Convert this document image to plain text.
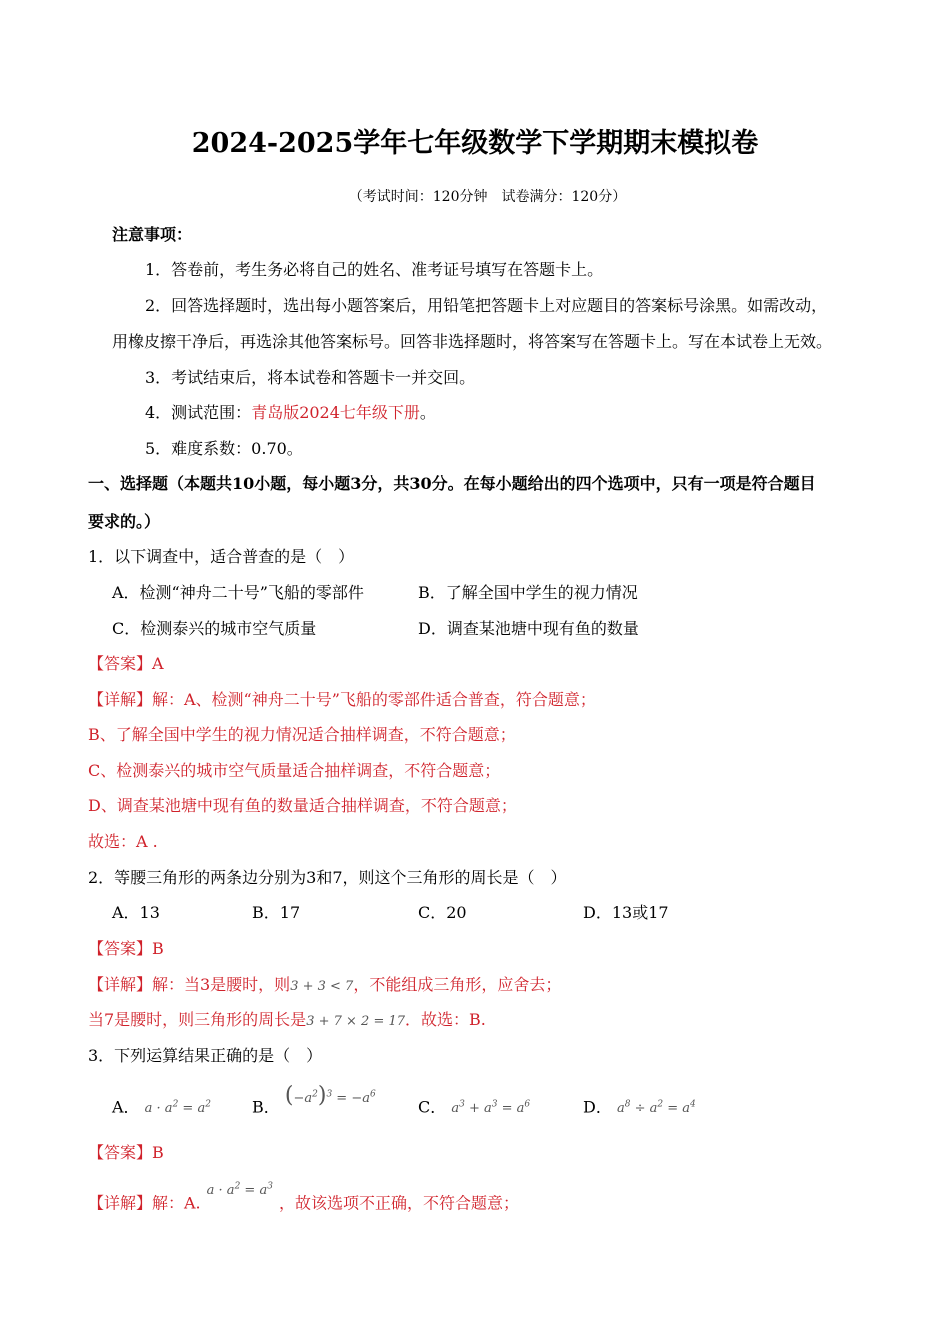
2024-2025学年七年级数学下学期期末模拟卷
（考试时间：120分钟　试卷满分：120分）
注意事项：
1．答卷前，考生务必将自己的姓名、准考证号填写在答题卡上。
2．回答选择题时，选出每小题答案后，用铅笔把答题卡上对应题目的答案标号涂黑。如需改动，
用橡皮擦干净后，再选涂其他答案标号。回答非选择题时，将答案写在答题卡上。写在本试卷上无效。
3．考试结束后，将本试卷和答题卡一并交回。
4．测试范围：青岛版2024七年级下册。
5．难度系数：0.70。
一、选择题（本题共10小题，每小题3分，共30分。在每小题给出的四个选项中，只有一项是符合题目
要求的。）
1．以下调查中，适合普查的是（　）
A．检测“神舟二十号”飞船的零部件	B．了解全国中学生的视力情况
C．检测泰兴的城市空气质量	D．调查某池塘中现有鱼的数量
【答案】A
【详解】解：A、检测“神舟二十号”飞船的零部件适合普查，符合题意；
B、了解全国中学生的视力情况适合抽样调查，不符合题意；
C、检测泰兴的城市空气质量适合抽样调查，不符合题意；
D、调查某池塘中现有鱼的数量适合抽样调查，不符合题意；
故选：A .
2．等腰三角形的两条边分别为3和7，则这个三角形的周长是（　）
A．13	B．17	C．20	D．13或17
【答案】B
【详解】解：当3是腰时，则3 + 3 < 7，不能组成三角形，应舍去；
当7是腰时，则三角形的周长是3 + 7 × 2 = 17．故选：B.
3．下列运算结果正确的是（　）
A． $a \cdot a^2 = a^2$	B． $^{(-a^2)^3 = -a^6}$
C． $a^3 + a^3 = a^6$	D． $a^8 \div a^2 = a^4$
【答案】B
【详解】解：A.$^{a \cdot a^2 = a^3}$，故该选项不正确，不符合题意；
